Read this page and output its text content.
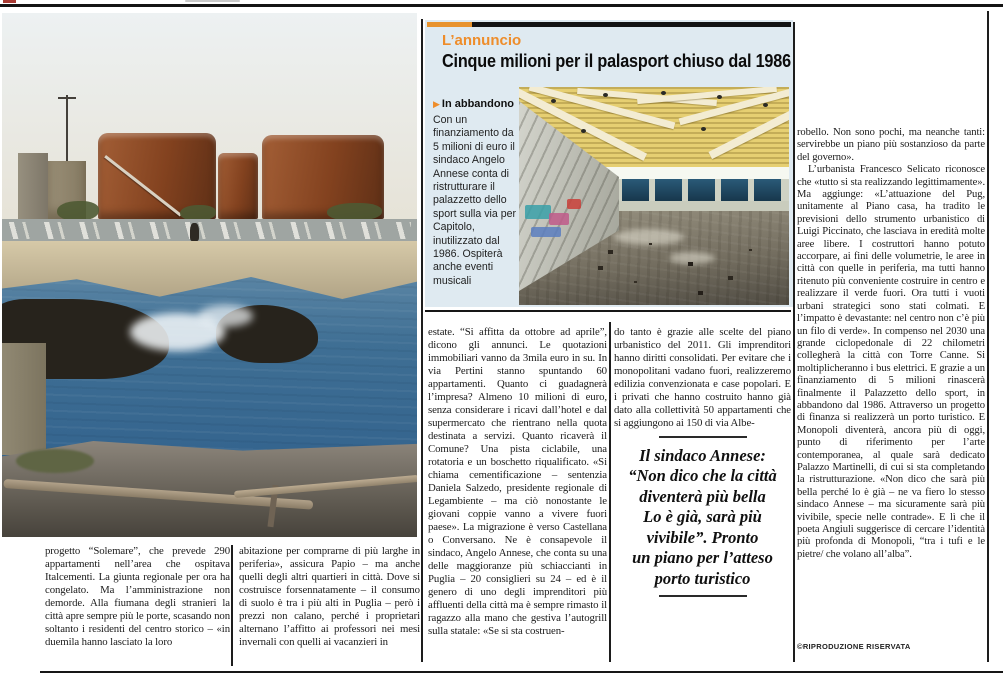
L’annuncio
Cinque milioni per il palasport chiuso dal 1986
▶ In abbandono
Con un finanziamento da 5 milioni di euro il sindaco Angelo Annese conta di ristrutturare il palazzetto dello sport sulla via per Capitolo, inutilizzato dal 1986. Ospiterà anche eventi musicali
progetto “Solemare”, che prevede 290 appartamenti nell’area che ospitava Italcementi. La giunta regionale per ora ha congelato. Ma l’amministrazione non demorde. Alla fiumana degli stranieri la città apre sempre più le porte, scasando non soltanto i residenti del centro storico – «in duemila hanno lasciato la loro
abitazione per comprarne di più larghe in periferia», assicura Papio – ma anche quelli degli altri quartieri in città. Dove si costruisce forsennatamente – il consumo di suolo è tra i più alti in Puglia – però i prezzi non calano, perché i proprietari alternano l’affitto ai professori nei mesi invernali con quelli ai vacanzieri in
estate. “Si affitta da ottobre ad aprile”, dicono gli annunci. Le quotazioni immobiliari vanno da 3mila euro in su. In via Pertini stanno spuntando 60 appartamenti. Quanto ci guadagnerà l’impresa? Almeno 10 milioni di euro, senza considerare i ricavi dall’hotel e dal supermercato che rientrano nella quota destinata a servizi. Quanto ricaverà il Comune? Una pista ciclabile, una rotatoria e un boschetto riqualificato. «Si chiama cementificazione – sentenzia Daniela Salzedo, presidente regionale di Legambiente – ma ciò nonostante le giovani coppie vanno a vivere fuori paese». La migrazione è verso Castellana o Conversano. Ne è consapevole il sindaco, Angelo Annese, che conta su una delle maggioranze più schiaccianti in Puglia – 20 consiglieri su 24 – ed è il genero di uno degli imprenditori più affluenti della città ma è sempre rimasto il ragazzo alla mano che gestiva l’autogrill sulla statale: «Se si sta costruen-
do tanto è grazie alle scelte del piano urbanistico del 2011. Gli imprenditori hanno diritti consolidati. Per evitare che i monopolitani vadano fuori, realizzeremo edilizia convenzionata e case popolari. E i privati che hanno costruito hanno già dato alla collettività 50 appartamenti che si aggiungono ai 150 di via Albe-
Il sindaco Annese:
“Non dico che la città
diventerà più bella
Lo è già, sarà più
vivibile”. Pronto
un piano per l’atteso
porto turistico

robello. Non sono pochi, ma neanche tanti: servirebbe un piano più sostanzioso da parte del governo».

L’urbanista Francesco Selicato riconosce che «tutto si sta realizzando legittimamente». Ma aggiunge: «L’attuazione del Pug, unitamente al Piano casa, ha tradito le previsioni dello strumento urbanistico di Luigi Piccinato, che lasciava in eredità molte aree libere. I costruttori hanno potuto accorpare, ai fini delle volumetrie, le aree in città con quelle in periferia, ma tutti hanno ritenuto più conveniente costruire in centro e realizzare il verde fuori. Ora tutti i vuoti urbani strategici sono stati colmati. E l’impatto è devastante: nel centro non c’è più un filo di verde». In compenso nel 2030 una grande ciclopedonale di 22 chilometri collegherà la città con Torre Canne. Si moltiplicheranno i bus elettrici. E grazie a un finanziamento di 5 milioni rinascerà finalmente il Palazzetto dello sport, in abbandono dal 1986. Attraverso un progetto di finanza si realizzerà un porto turistico. E Monopoli diventerà, ancora più di oggi, punto di riferimento per l’arte contemporanea, al quale sarà dedicato Palazzo Martinelli, di cui si sta completando la ristrutturazione. «Non dico che sarà più bella perché lo è già – ne va fiero lo stesso sindaco Annese – ma sicuramente sarà più vivibile, specie nelle contrade». E lì che il poeta Angiuli suggerisce di cercare l’identità più profonda di Monopoli, “tra i tufi e le pietre/ che volano all’alba”.

©RIPRODUZIONE RISERVATA
